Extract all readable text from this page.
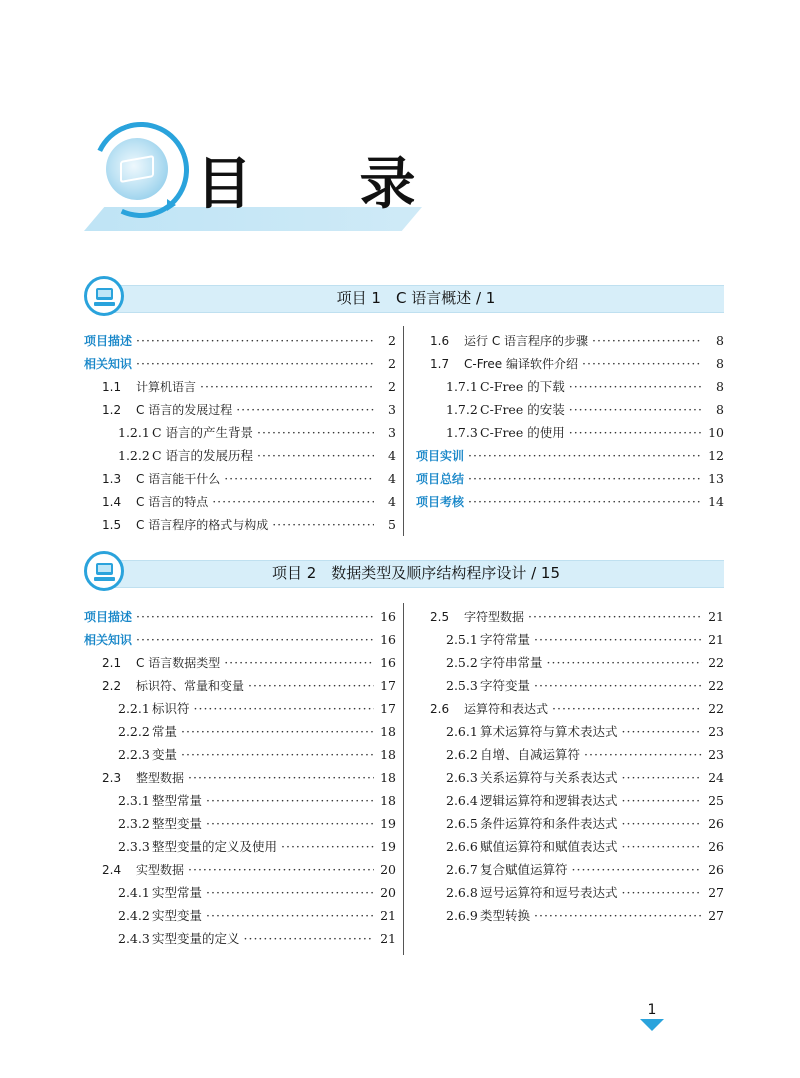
目 录
项目 1　C 语言概述 / 1
项目描述 ·····	2
相关知识 ·····	2
1.1	计算机语言 ·····	2
1.2	C 语言的发展过程 ·····	3
1.2.1 C 语言的产生背景 ·····	3
1.2.2 C 语言的发展历程 ·····	4
1.3	C 语言能干什么 ·····	4
1.4	C 语言的特点 ·····	4
1.5	C 语言程序的格式与构成 ·····	5
1.6	运行 C 语言程序的步骤 ·····	8
1.7	C-Free 编译软件介绍 ·····	8
1.7.1 C-Free 的下载 ·····	8
1.7.2 C-Free 的安装 ·····	8
1.7.3 C-Free 的使用 ·····	10
项目实训 ·····	12
项目总结 ·····	13
项目考核 ·····	14
项目 2　数据类型及顺序结构程序设计 / 15
项目描述 ·····	16
相关知识 ·····	16
2.1	C 语言数据类型 ·····	16
2.2	标识符、常量和变量 ·····	17
2.2.1 标识符 ·····	17
2.2.2 常量 ·····	18
2.2.3 变量 ·····	18
2.3	整型数据 ·····	18
2.3.1 整型常量 ·····	18
2.3.2 整型变量 ·····	19
2.3.3 整型变量的定义及使用 ·····	19
2.4	实型数据 ·····	20
2.4.1 实型常量 ·····	20
2.4.2 实型变量 ·····	21
2.4.3 实型变量的定义 ·····	21
2.5	字符型数据 ·····	21
2.5.1 字符常量 ·····	21
2.5.2 字符串常量 ·····	22
2.5.3 字符变量 ·····	22
2.6	运算符和表达式 ·····	22
2.6.1 算术运算符与算术表达式 ·····	23
2.6.2 自增、自减运算符 ·····	23
2.6.3 关系运算符与关系表达式 ·····	24
2.6.4 逻辑运算符和逻辑表达式 ·····	25
2.6.5 条件运算符和条件表达式 ·····	26
2.6.6 赋值运算符和赋值表达式 ·····	26
2.6.7 复合赋值运算符 ·····	26
2.6.8 逗号运算符和逗号表达式 ·····	27
2.6.9 类型转换 ·····	27
1
